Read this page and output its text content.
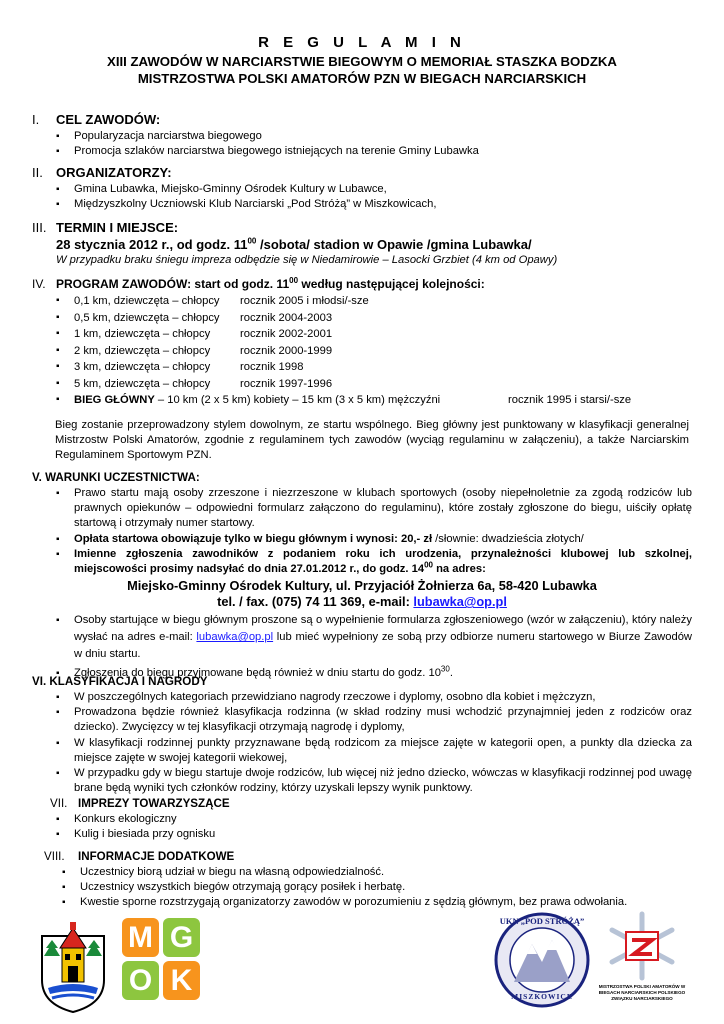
R E G U L A M I N
XIII ZAWODÓW W NARCIARSTWIE BIEGOWYM O MEMORIAŁ STASZKA BODZKA
MISTRZOSTWA POLSKI AMATORÓW PZN W BIEGACH NARCIARSKICH
I. CEL ZAWODÓW:
▪ Popularyzacja narciarstwa biegowego
▪ Promocja szlaków narciarstwa biegowego istniejących na terenie Gminy Lubawka
II. ORGANIZATORZY:
▪ Gmina Lubawka, Miejsko-Gminny Ośrodek Kultury w Lubawce,
▪ Międzyszkolny Uczniowski Klub Narciarski „Pod Stróżą” w Miszkowicach,
III. TERMIN I MIEJSCE:
28 stycznia 2012 r., od godz. $11^{00}$ /sobota/ stadion w Opawie /gmina Lubawka/
W przypadku braku śniegu impreza odbędzie się w Niedamirowie – Lasocki Grzbiet (4 km od Opawy)
IV. PROGRAM ZAWODÓW: start od godz. $11^{00}$ według następującej kolejności:
▪ 0,1 km, dziewczęta – chłopcy	rocznik 2005 i młodsi/-sze
▪ 0,5 km, dziewczęta – chłopcy	rocznik 2004-2003
▪ 1 km, dziewczęta – chłopcy	rocznik 2002-2001
▪ 2 km, dziewczęta – chłopcy	rocznik 2000-1999
▪ 3 km, dziewczęta – chłopcy	rocznik 1998
▪ 5 km, dziewczęta – chłopcy	rocznik 1997-1996
▪ BIEG GŁÓWNY – 10 km (2 x 5 km) kobiety – 15 km (3 x 5 km) mężczyźni	rocznik 1995 i starsi/-sze
Bieg zostanie przeprowadzony stylem dowolnym, ze startu wspólnego. Bieg główny jest punktowany w klasyfikacji generalnej Mistrzostw Polski Amatorów, zgodnie z regulaminem tych zawodów (wyciąg regulaminu w załączeniu), a także Narciarskim Regulaminem Sportowym PZN.
V. WARUNKI UCZESTNICTWA:
▪ Prawo startu mają osoby zrzeszone i niezrzeszone w klubach sportowych (osoby niepełnoletnie za zgodą rodziców lub prawnych opiekunów – odpowiedni formularz załączono do regulaminu), które zostały zgłoszone do biegu, uiściły opłatę startową i otrzymały numer startowy.
▪ Opłata startowa obowiązuje tylko w biegu głównym i wynosi: 20,- zł /słownie: dwadzieścia złotych/
▪ Imienne zgłoszenia zawodników z podaniem roku ich urodzenia, przynależności klubowej lub szkolnej, miejscowości prosimy nadsyłać do dnia 27.01.2012 r., do godz. $14^{00}$ na adres:
Miejsko-Gminny Ośrodek Kultury, ul. Przyjaciół Żołnierza 6a, 58-420 Lubawka
tel. / fax. (075) 74 11 369, e-mail: lubawka@op.pl
▪ Osoby startujące w biegu głównym proszone są o wypełnienie formularza zgłoszeniowego (wzór w załączeniu), który należy wysłać na adres e-mail: lubawka@op.pl lub mieć wypełniony ze sobą przy odbiorze numeru startowego w Biurze Zawodów w dniu startu.
▪ Zgłoszenia do biegu przyjmowane będą również w dniu startu do godz. $10^{30}$.
VI. KLASYFIKACJA I NAGRODY
▪ W poszczególnych kategoriach przewidziano nagrody rzeczowe i dyplomy, osobno dla kobiet i mężczyzn,
▪ Prowadzona będzie również klasyfikacja rodzinna (w skład rodziny musi wchodzić przynajmniej jeden z rodziców oraz dziecko). Zwycięzcy w tej klasyfikacji otrzymają nagrodę i dyplomy,
▪ W klasyfikacji rodzinnej punkty przyznawane będą rodzicom za miejsce zajęte w kategorii open, a punkty dla dziecka za miejsce zajęte w swojej kategorii wiekowej,
▪ W przypadku gdy w biegu startuje dwoje rodziców, lub więcej niż jedno dziecko, wówczas w klasyfikacji rodzinnej pod uwagę brane będą wyniki tych członków rodziny, którzy uzyskali lepszy wynik punktowy.
VII. IMPREZY TOWARZYSZĄCE
▪ Konkurs ekologiczny
▪ Kulig i biesiada przy ognisku
VIII. INFORMACJE DODATKOWE
▪ Uczestnicy biorą udział w biegu na własną odpowiedzialność.
▪ Uczestnicy wszystkich biegów otrzymają gorący posiłek i herbatę.
▪ Kwestie sporne rozstrzygają organizatorzy zawodów w porozumieniu z sędzią głównym, bez prawa odwołania.
M G
O K
UKN „POD STRÓŻĄ”
MISZKOWICE
MISTRZOSTWA POLSKI AMATORÓW W BIEGACH NARCIARSKICH POLSKIEGO ZWIĄZKU NARCIARSKIEGO
